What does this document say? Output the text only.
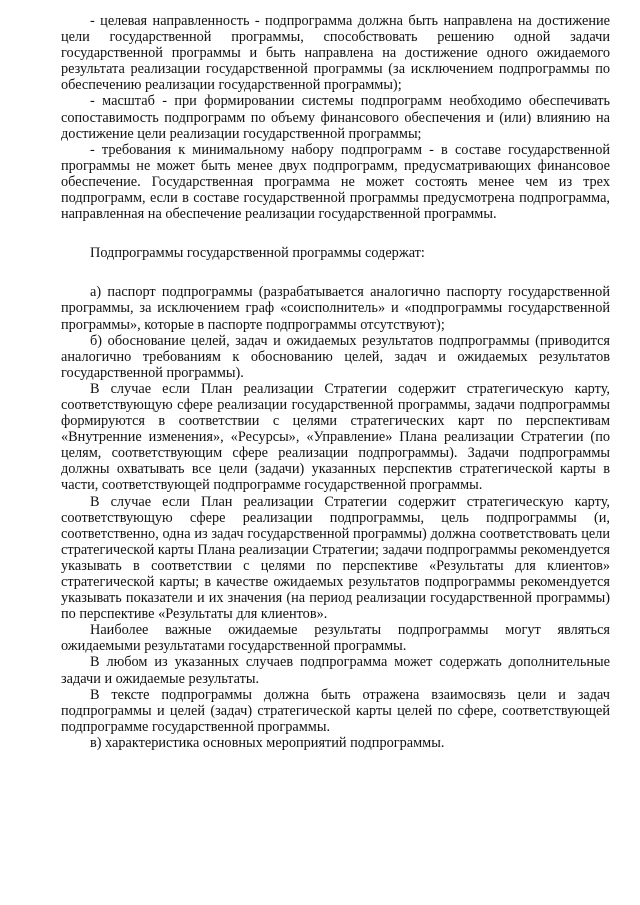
- целевая направленность - подпрограмма должна быть направлена на достижение цели государственной программы, способствовать решению одной задачи государственной программы и быть направлена на достижение одного ожидаемого результата реализации государственной программы (за исключением подпрограммы по обеспечению реализации государственной программы);

- масштаб - при формировании системы подпрограмм необходимо обеспечивать сопоставимость подпрограмм по объему финансового обеспечения и (или) влиянию на достижение цели реализации государственной программы;

- требования к минимальному набору подпрограмм - в составе государственной программы не может быть менее двух подпрограмм, предусматривающих финансовое обеспечение. Государственная программа не может состоять менее чем из трех подпрограмм, если в составе государственной программы предусмотрена подпрограмма, направленная на обеспечение реализации государственной программы.

Подпрограммы государственной программы содержат:

а) паспорт подпрограммы (разрабатывается аналогично паспорту государственной программы, за исключением граф «соисполнитель» и «подпрограммы государственной программы», которые в паспорте подпрограммы отсутствуют);

б) обоснование целей, задач и ожидаемых результатов подпрограммы (приводится аналогично требованиям к обоснованию целей, задач и ожидаемых результатов государственной программы).

В случае если План реализации Стратегии содержит стратегическую карту, соответствующую сфере реализации государственной программы, задачи подпрограммы формируются в соответствии с целями стратегических карт по перспективам «Внутренние изменения», «Ресурсы», «Управление» Плана реализации Стратегии (по целям, соответствующим сфере реализации подпрограммы). Задачи подпрограммы должны охватывать все цели (задачи) указанных перспектив стратегической карты в части, соответствующей подпрограмме государственной программы.

В случае если План реализации Стратегии содержит стратегическую карту, соответствующую сфере реализации подпрограммы, цель подпрограммы (и, соответственно, одна из задач государственной программы) должна соответствовать цели стратегической карты Плана реализации Стратегии; задачи подпрограммы рекомендуется указывать в соответствии с целями по перспективе «Результаты для клиентов» стратегической карты; в качестве ожидаемых результатов подпрограммы рекомендуется указывать показатели и их значения (на период реализации государственной программы) по перспективе «Результаты для клиентов».

Наиболее важные ожидаемые результаты подпрограммы могут являться ожидаемыми результатами государственной программы.

В любом из указанных случаев подпрограмма может содержать дополнительные задачи и ожидаемые результаты.

В тексте подпрограммы должна быть отражена взаимосвязь цели и задач подпрограммы и целей (задач) стратегической карты целей по сфере, соответствующей подпрограмме государственной программы.

в) характеристика основных мероприятий подпрограммы.
